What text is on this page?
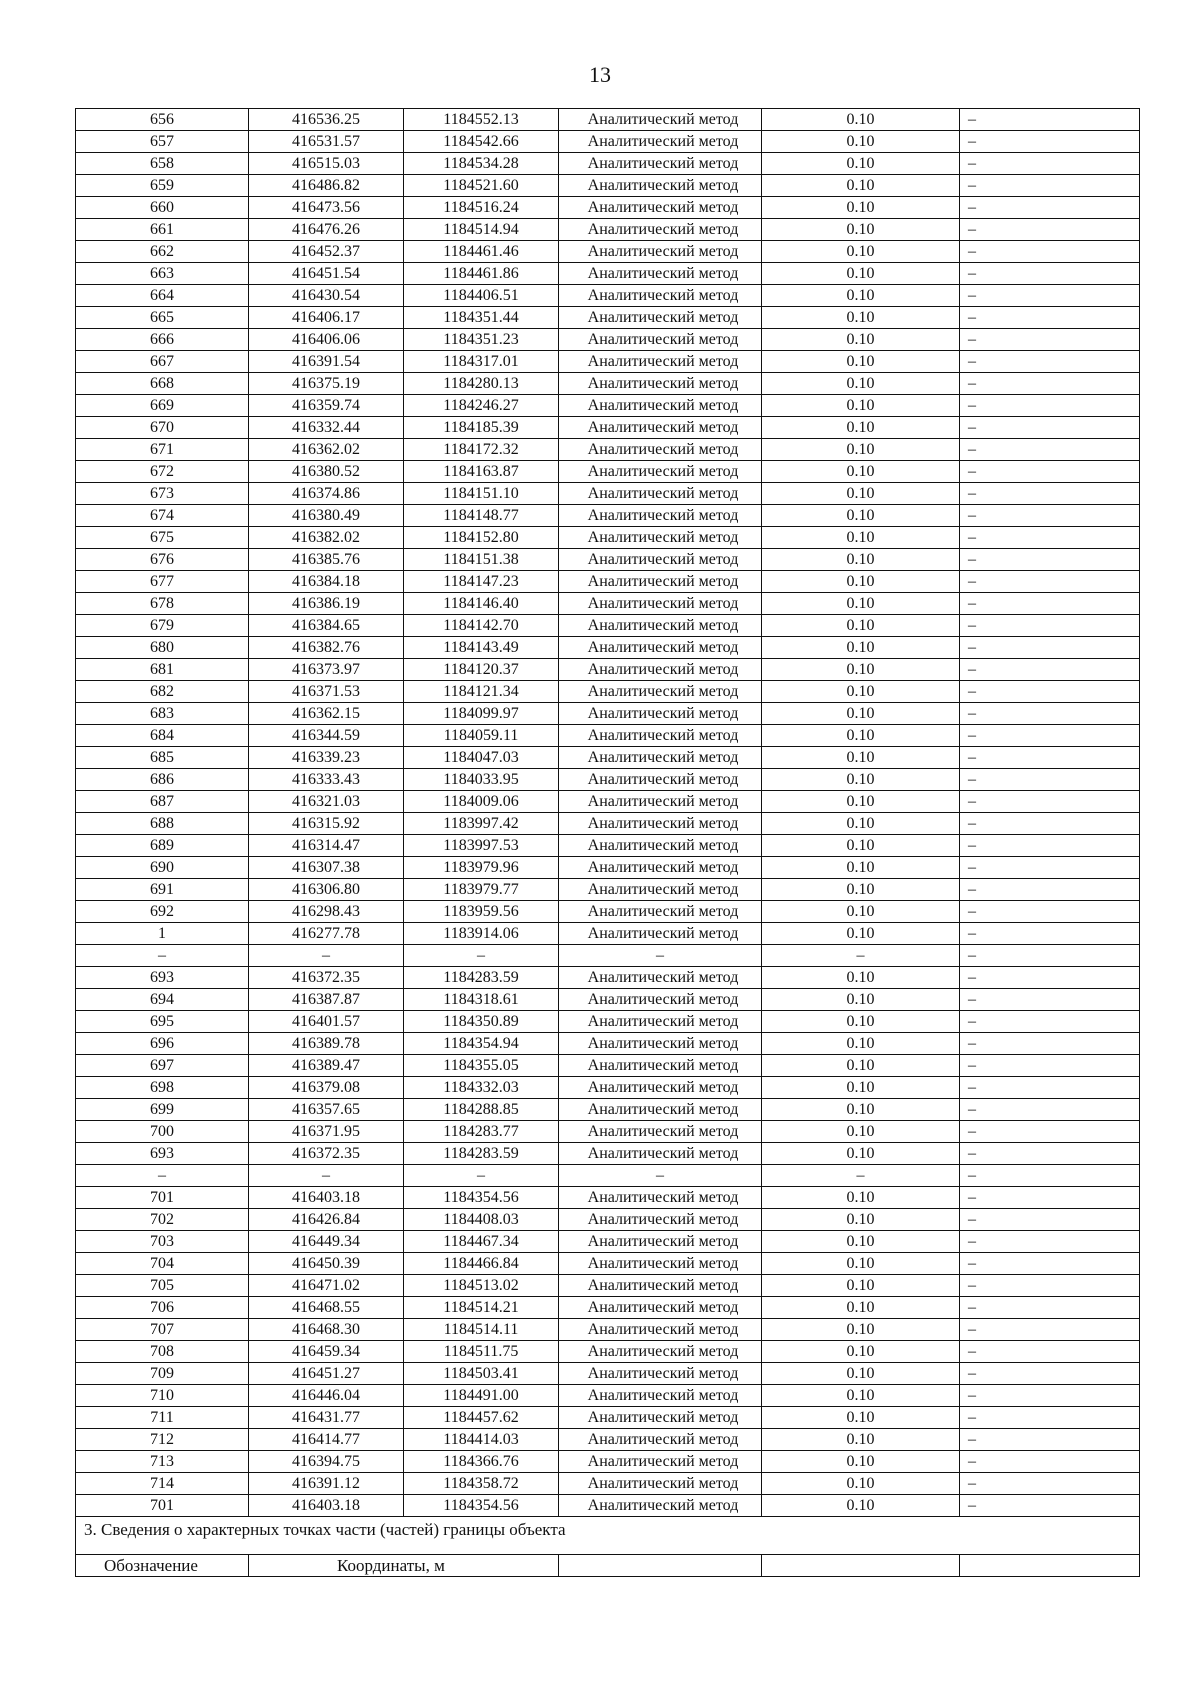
13
656	416536.25	1184552.13	Аналитический метод	0.10	–
657	416531.57	1184542.66	Аналитический метод	0.10	–
658	416515.03	1184534.28	Аналитический метод	0.10	–
659	416486.82	1184521.60	Аналитический метод	0.10	–
660	416473.56	1184516.24	Аналитический метод	0.10	–
661	416476.26	1184514.94	Аналитический метод	0.10	–
662	416452.37	1184461.46	Аналитический метод	0.10	–
663	416451.54	1184461.86	Аналитический метод	0.10	–
664	416430.54	1184406.51	Аналитический метод	0.10	–
665	416406.17	1184351.44	Аналитический метод	0.10	–
666	416406.06	1184351.23	Аналитический метод	0.10	–
667	416391.54	1184317.01	Аналитический метод	0.10	–
668	416375.19	1184280.13	Аналитический метод	0.10	–
669	416359.74	1184246.27	Аналитический метод	0.10	–
670	416332.44	1184185.39	Аналитический метод	0.10	–
671	416362.02	1184172.32	Аналитический метод	0.10	–
672	416380.52	1184163.87	Аналитический метод	0.10	–
673	416374.86	1184151.10	Аналитический метод	0.10	–
674	416380.49	1184148.77	Аналитический метод	0.10	–
675	416382.02	1184152.80	Аналитический метод	0.10	–
676	416385.76	1184151.38	Аналитический метод	0.10	–
677	416384.18	1184147.23	Аналитический метод	0.10	–
678	416386.19	1184146.40	Аналитический метод	0.10	–
679	416384.65	1184142.70	Аналитический метод	0.10	–
680	416382.76	1184143.49	Аналитический метод	0.10	–
681	416373.97	1184120.37	Аналитический метод	0.10	–
682	416371.53	1184121.34	Аналитический метод	0.10	–
683	416362.15	1184099.97	Аналитический метод	0.10	–
684	416344.59	1184059.11	Аналитический метод	0.10	–
685	416339.23	1184047.03	Аналитический метод	0.10	–
686	416333.43	1184033.95	Аналитический метод	0.10	–
687	416321.03	1184009.06	Аналитический метод	0.10	–
688	416315.92	1183997.42	Аналитический метод	0.10	–
689	416314.47	1183997.53	Аналитический метод	0.10	–
690	416307.38	1183979.96	Аналитический метод	0.10	–
691	416306.80	1183979.77	Аналитический метод	0.10	–
692	416298.43	1183959.56	Аналитический метод	0.10	–
1	416277.78	1183914.06	Аналитический метод	0.10	–
–	–	–	–	–	–
693	416372.35	1184283.59	Аналитический метод	0.10	–
694	416387.87	1184318.61	Аналитический метод	0.10	–
695	416401.57	1184350.89	Аналитический метод	0.10	–
696	416389.78	1184354.94	Аналитический метод	0.10	–
697	416389.47	1184355.05	Аналитический метод	0.10	–
698	416379.08	1184332.03	Аналитический метод	0.10	–
699	416357.65	1184288.85	Аналитический метод	0.10	–
700	416371.95	1184283.77	Аналитический метод	0.10	–
693	416372.35	1184283.59	Аналитический метод	0.10	–
–	–	–	–	–	–
701	416403.18	1184354.56	Аналитический метод	0.10	–
702	416426.84	1184408.03	Аналитический метод	0.10	–
703	416449.34	1184467.34	Аналитический метод	0.10	–
704	416450.39	1184466.84	Аналитический метод	0.10	–
705	416471.02	1184513.02	Аналитический метод	0.10	–
706	416468.55	1184514.21	Аналитический метод	0.10	–
707	416468.30	1184514.11	Аналитический метод	0.10	–
708	416459.34	1184511.75	Аналитический метод	0.10	–
709	416451.27	1184503.41	Аналитический метод	0.10	–
710	416446.04	1184491.00	Аналитический метод	0.10	–
711	416431.77	1184457.62	Аналитический метод	0.10	–
712	416414.77	1184414.03	Аналитический метод	0.10	–
713	416394.75	1184366.76	Аналитический метод	0.10	–
714	416391.12	1184358.72	Аналитический метод	0.10	–
701	416403.18	1184354.56	Аналитический метод	0.10	–
3. Сведения о характерных точках части (частей) границы объекта					
Обозначение	Координаты, м				
